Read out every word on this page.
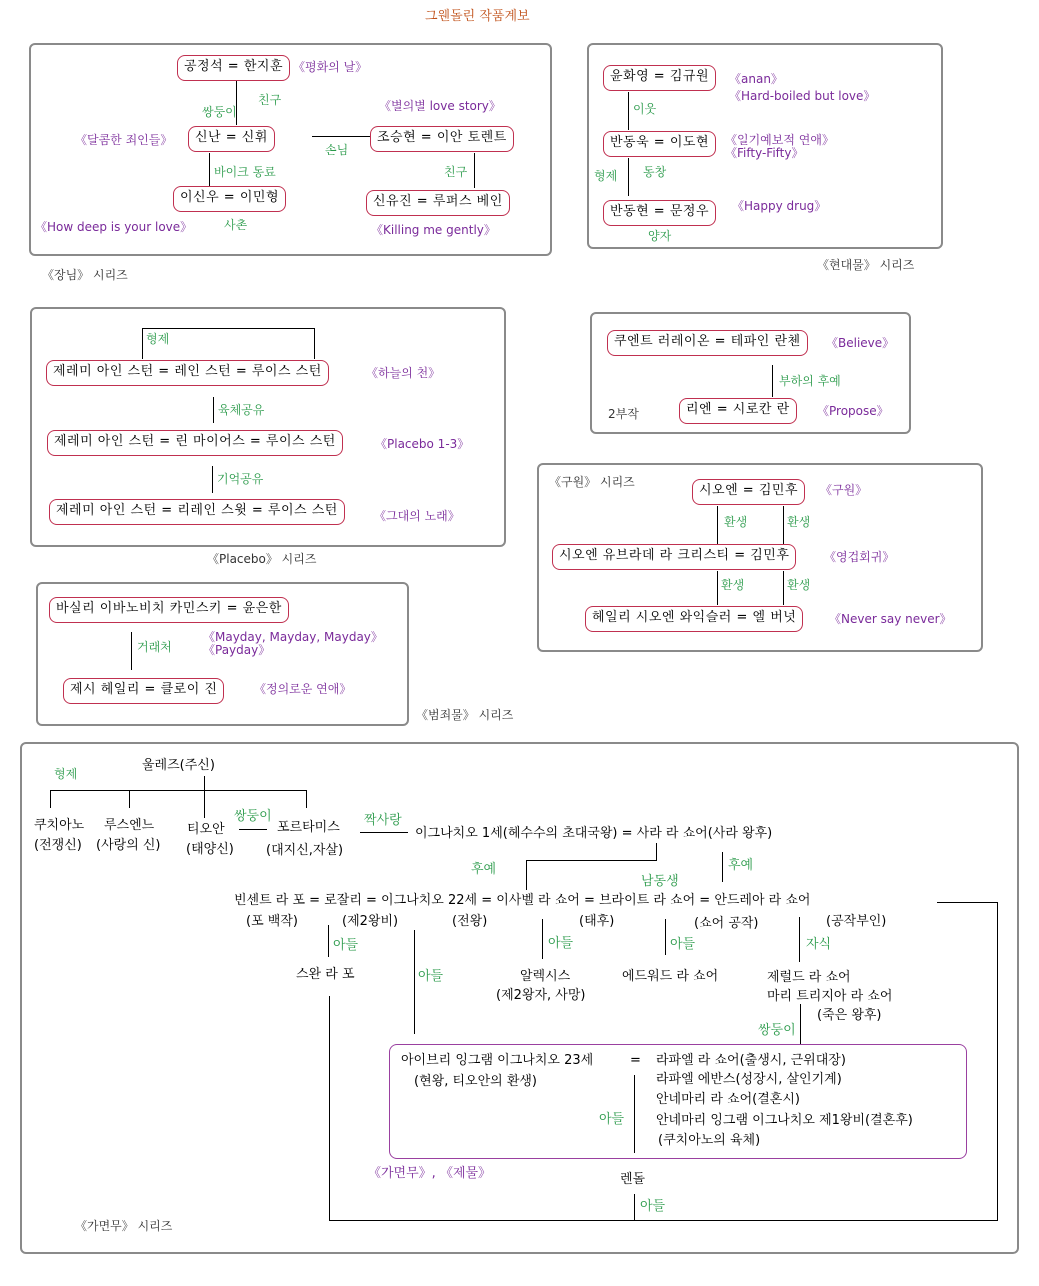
그웬돌린 작품계보
공정석 = 한지훈 《평화의 날》
친구
쌍둥이	《별의별 love story》
《달콤한 죄인들》	신난 = 신휘
손님
조승현 = 이안 토렌트
바이크 동료	친구
이신우 = 이민형	신유진 = 루퍼스 베인
《How deep is your love》	사촌	《Killing me gently》
《장님》 시리즈
윤화영 = 김규원	《anan》
《Hard-boiled but love》
이웃
반동욱 = 이도현	《일기예보적 연애》
《Fifty-Fifty》
형제 동창
반동현 = 문정우	《Happy drug》
양자
《현대물》 시리즈
형제
제레미 아인 스턴 = 레인 스턴 = 루이스 스턴	《하늘의 천》
육체공유
제레미 아인 스턴 = 린 마이어스 = 루이스 스턴	《Placebo 1-3》
기억공유
제레미 아인 스턴 = 리레인 스윗 = 루이스 스턴	《그대의 노래》
《Placebo》 시리즈
쿠엔트 러레이온 = 테파인 란첸	《Believe》
부하의 후예
2부작	리엔 = 시로칸 란	《Propose》
《구원》 시리즈
시오엔 = 김민후	《구원》
환생	환생
시오엔 유브라데 라 크리스티 = 김민후	《영겁회귀》
환생	환생
헤일리 시오엔 와익슬러 = 엘 버넛	《Never say never》
바실리 이바노비치 카민스키 = 윤은한
거래처
《Mayday, Mayday, Mayday》
《Payday》
제시 헤일리 = 클로이 진	《정의로운 연애》
《범죄물》 시리즈
형제
울레즈(주신)
쿠치아노
(전쟁신)
루스엔느
(사랑의 신)
티오안
(태양신)
쌍둥이
포르타미스
(대지신,자살)
짝사랑
이그나치오 1세(헤수수의 초대국왕) = 사라 라 쇼어(사라 왕후)
후예	후예
남동생
빈센트 라 포 = 로잘리 = 이그나치오 22세 = 이사벨 라 쇼어 = 브라이트 라 쇼어 = 안드레아 라 쇼어
(포 백작)	(제2왕비)	(전왕)	(태후)	(쇼어 공작)	(공작부인)
아들
아들
아들	아들	자식
스완 라 포	알렉시스
(제2왕자, 사망)
에드워드 라 쇼어	제럴드 라 쇼어
마리 트리지아 라 쇼어
(죽은 왕후)
쌍둥이
아이브리 잉그램 이그나치오 23세
(현왕, 티오안의 환생)
= 라파엘 라 쇼어(출생시, 근위대장)
라파엘 에반스(성장시, 살인기계)
안네마리 라 쇼어(결혼시)
안네마리 잉그램 이그나치오 제1왕비(결혼후)
(쿠치아노의 육체)
아들
《가면무》, 《제물》	렌돌
아들
《가면무》 시리즈
